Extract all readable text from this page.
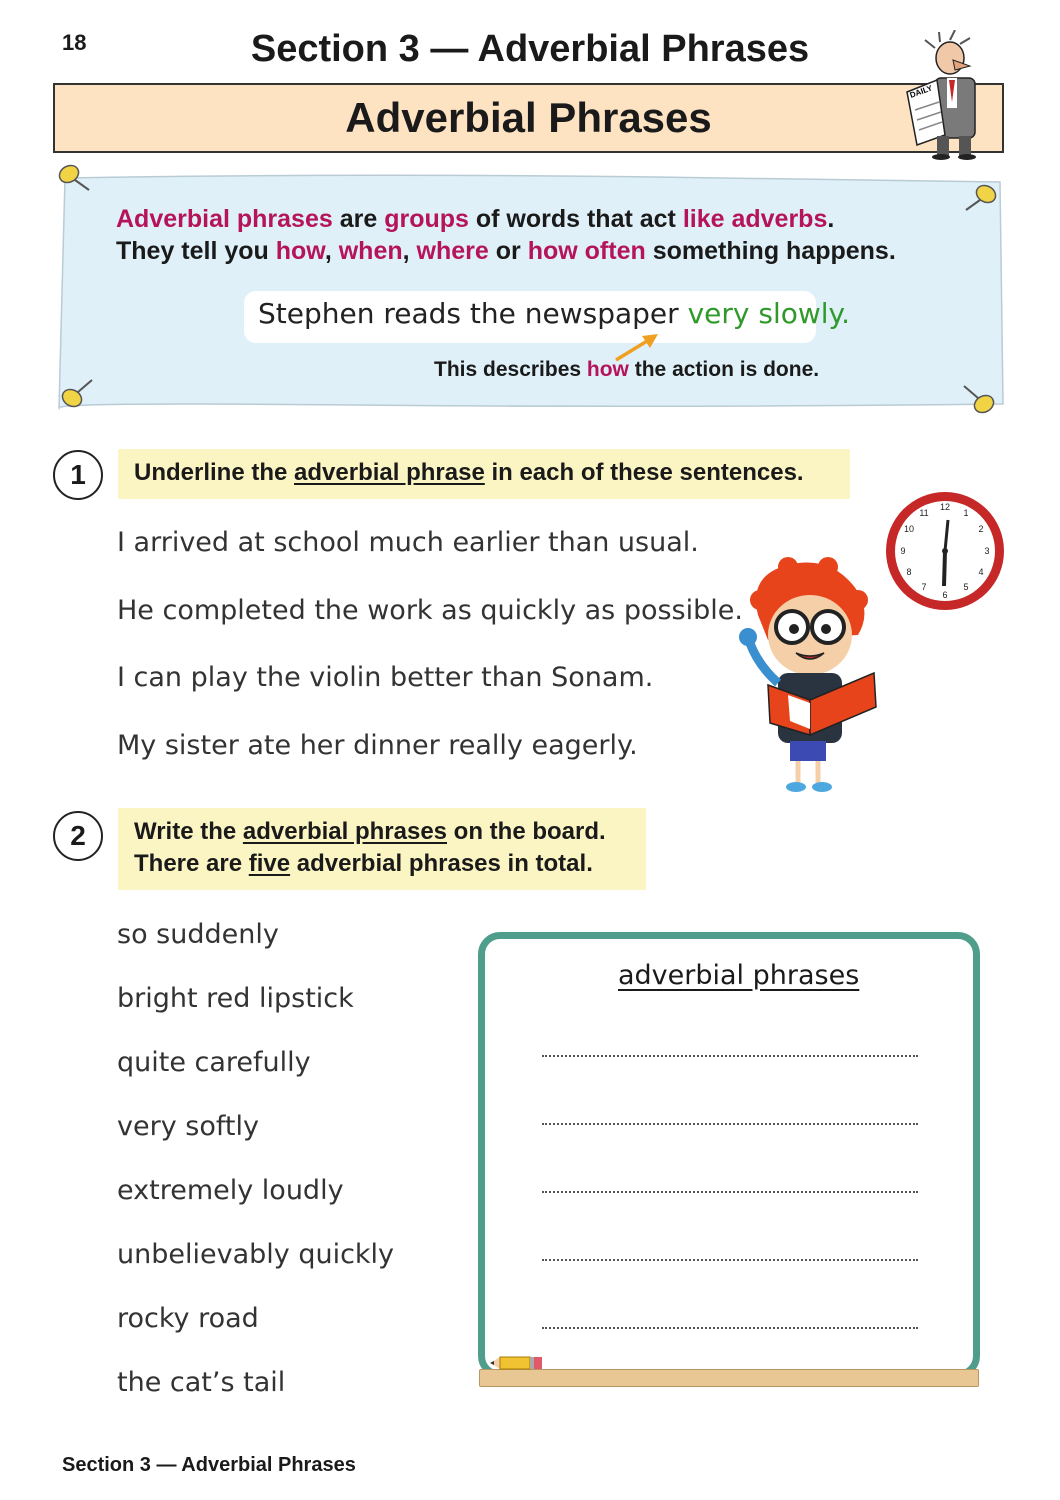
18	Section 3 — Adverbial Phrases
Adverbial Phrases
DAILY
Adverbial phrases are groups of words that act like adverbs.
They tell you how, when, where or how often something happens.
Stephen reads the newspaper very slowly.
This describes how the action is done.
1	Underline the adverbial phrase in each of these sentences.
I arrived at school much earlier than usual.
He completed the work as quickly as possible.
I can play the violin better than Sonam.
My sister ate her dinner really eagerly.
12
1
2
3
4
5
6
7
8
9
10
11
2	Write the adverbial phrases on the board.
There are five adverbial phrases in total.
so suddenly
bright red lipstick
quite carefully
very softly
extremely loudly
unbelievably quickly
rocky road
the cat’s tail
adverbial phrases
Section 3 — Adverbial Phrases
